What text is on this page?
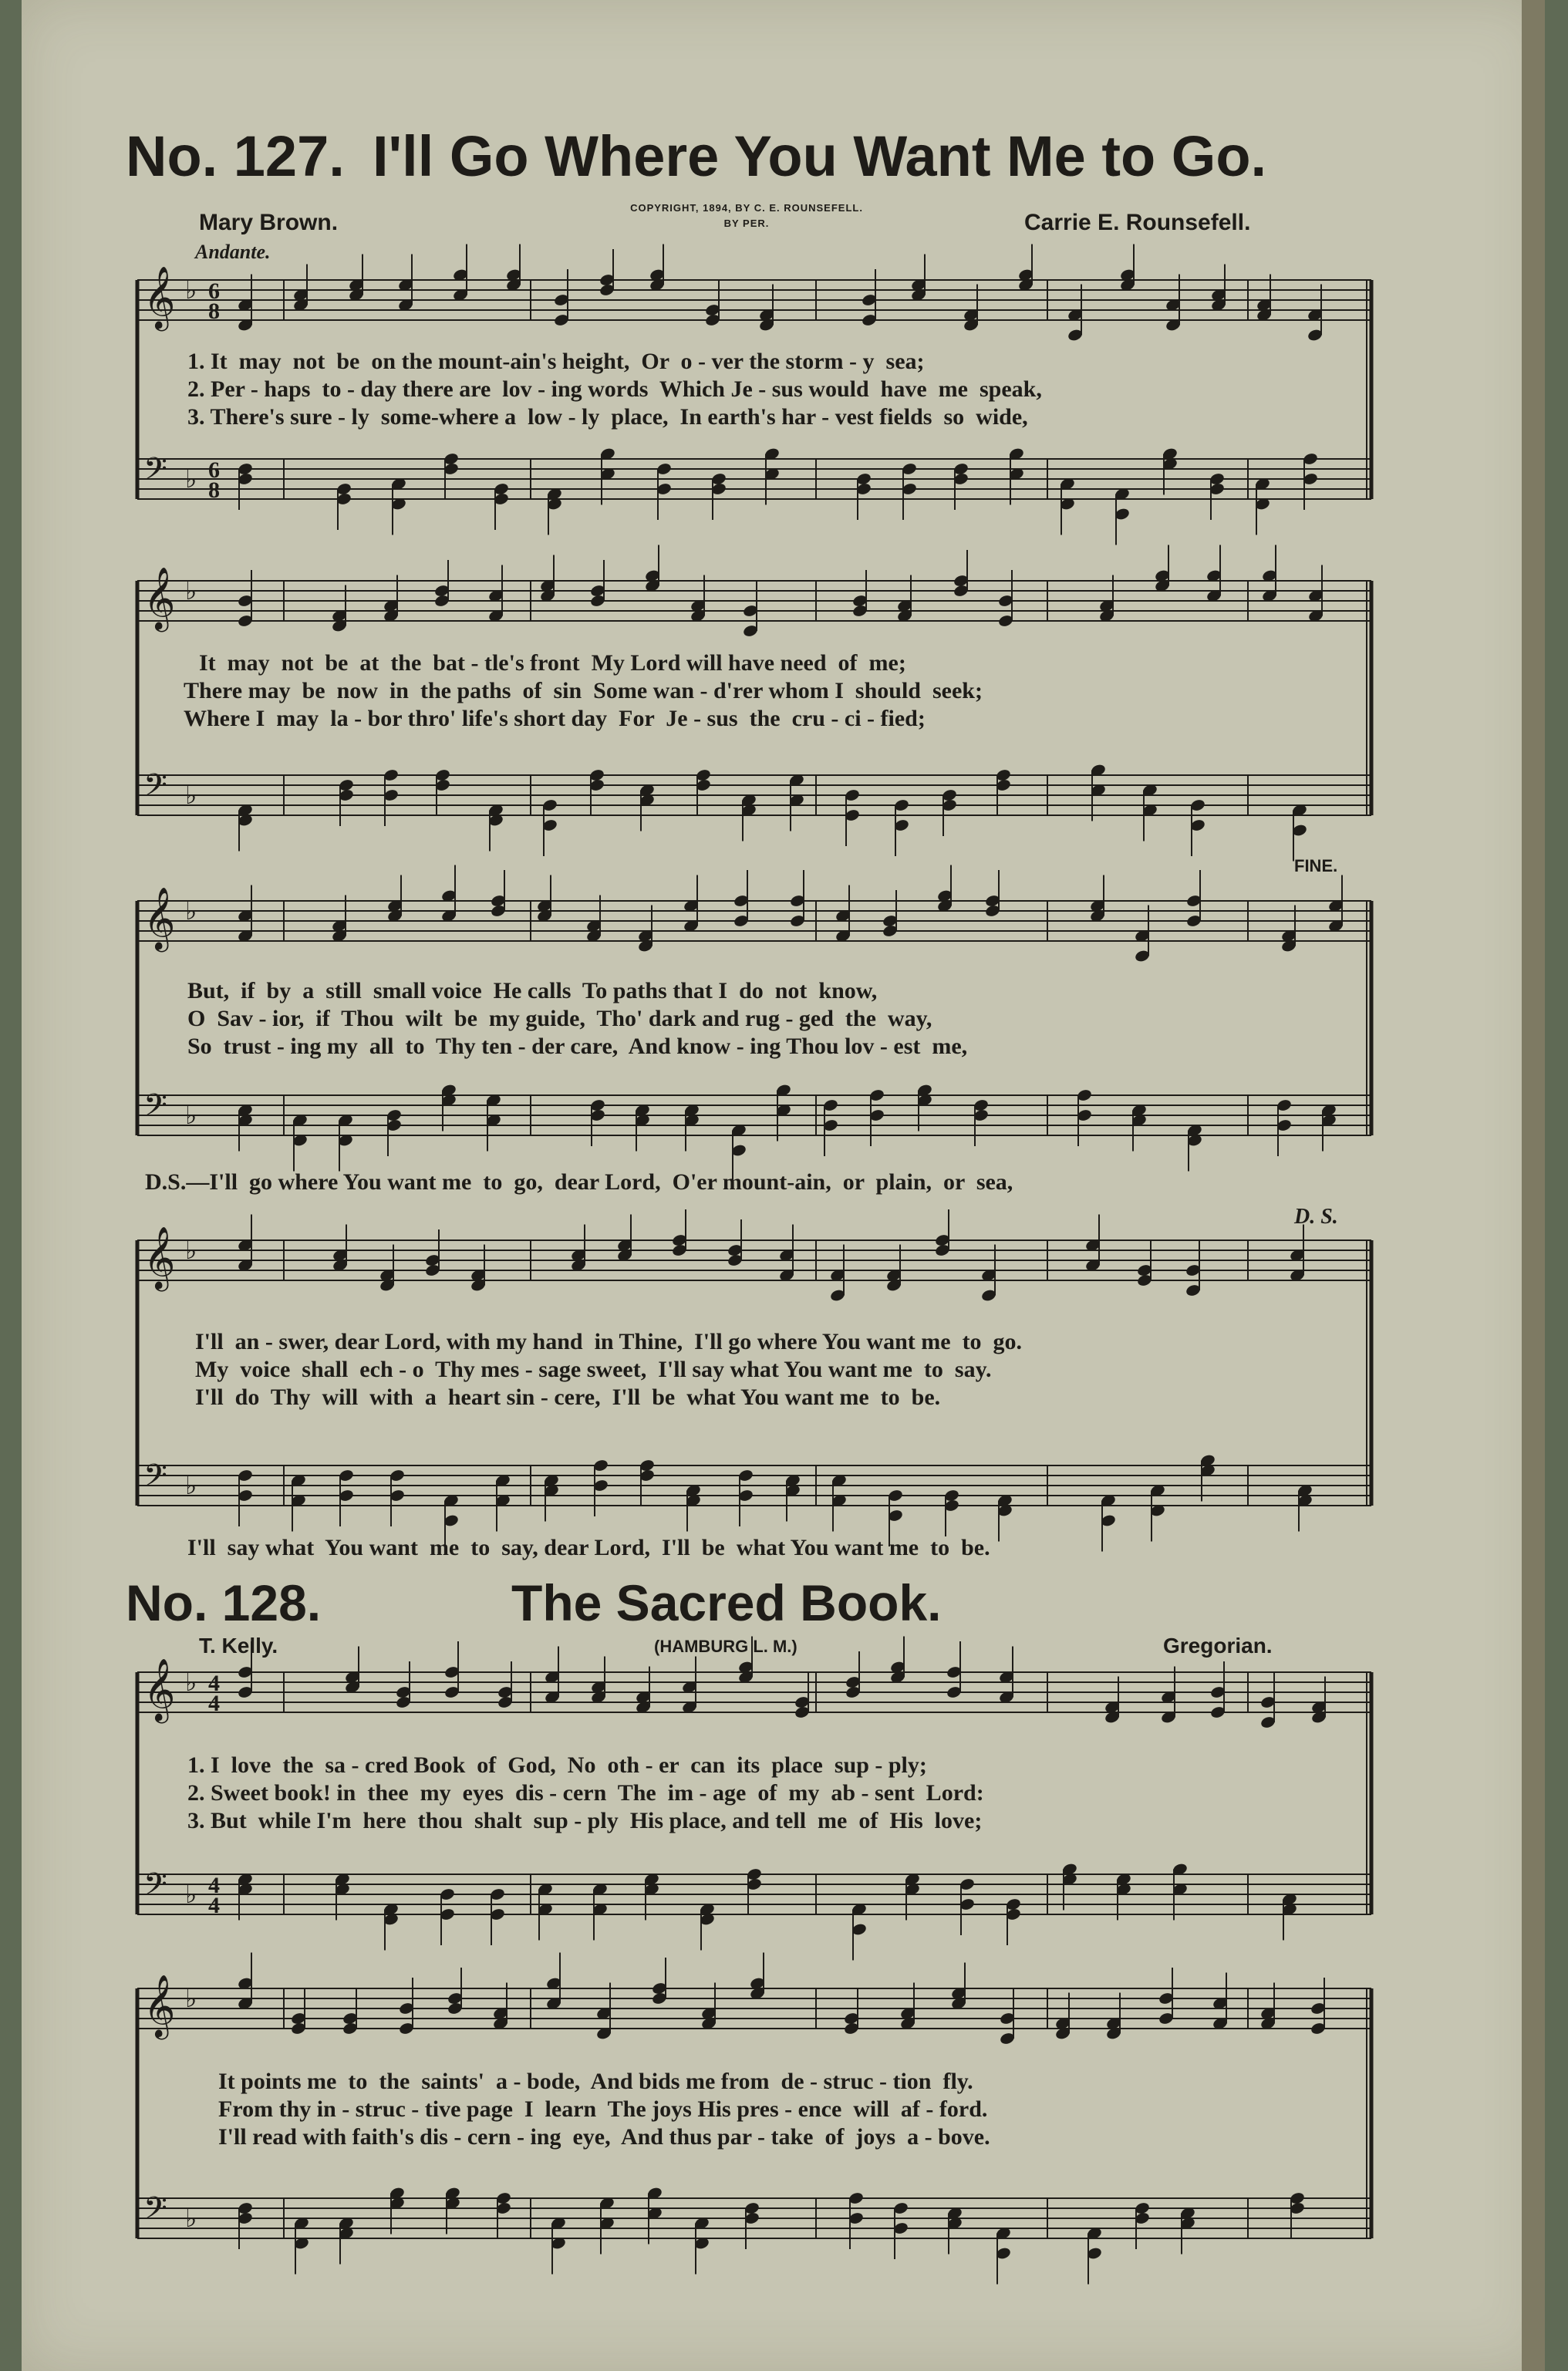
No. 127. I'll Go Where You Want Me to Go.
COPYRIGHT, 1894, BY C. E. ROUNSEFELL.
BY PER.
Mary Brown.	Carrie E. Rounsefell.
Andante.
FINE.
D. S.
𝄞 ♭ 6
8
𝄢 ♭ 6
8
𝄞 ♭
𝄢 ♭
𝄞 ♭
𝄢 ♭
𝄞 ♭
𝄢 ♭
1. It  may  not  be  on the mount-ain's height,  Or  o - ver the storm - y  sea;
2. Per - haps  to - day there are  lov - ing words  Which Je - sus would  have  me  speak,
3. There's sure - ly  some-where a  low - ly  place,  In earth's har - vest fields  so  wide,
It  may  not  be  at  the  bat - tle's front  My Lord will have need  of  me;
There may  be  now  in  the paths  of  sin  Some wan - d'rer whom I  should  seek;
Where I  may  la - bor thro' life's short day  For  Je - sus  the  cru - ci - fied;
But,  if  by  a  still  small voice  He calls  To paths that I  do  not  know,
O  Sav - ior,  if  Thou  wilt  be  my guide,  Tho' dark and rug - ged  the  way,
So  trust - ing my  all  to  Thy ten - der care,  And know - ing Thou lov - est  me,
D.S.—I'll  go where You want me  to  go,  dear Lord,  O'er mount-ain,  or  plain,  or  sea,
I'll  an - swer, dear Lord, with my hand  in Thine,  I'll go where You want me  to  go.
My  voice  shall  ech - o  Thy mes - sage sweet,  I'll say what You want me  to  say.
I'll  do  Thy  will  with  a  heart sin - cere,  I'll  be  what You want me  to  be.
I'll  say what  You want  me  to  say, dear Lord,  I'll  be  what You want me  to  be.
No. 128.	The Sacred Book.
T. Kelly.	(HAMBURG L. M.)	Gregorian.
𝄞 ♭ 4
4
𝄢 ♭ 4
4
𝄞 ♭
𝄢 ♭
1. I  love  the  sa - cred Book  of  God,  No  oth - er  can  its  place  sup - ply;
2. Sweet book! in  thee  my  eyes  dis - cern  The  im - age  of  my  ab - sent  Lord:
3. But  while I'm  here  thou  shalt  sup - ply  His place, and tell  me  of  His  love;
It points me  to  the  saints'  a - bode,  And bids me from  de - struc - tion  fly.
From thy in - struc - tive page  I  learn  The joys His pres - ence  will  af - ford.
I'll read with faith's dis - cern - ing  eye,  And thus par - take  of  joys  a - bove.
